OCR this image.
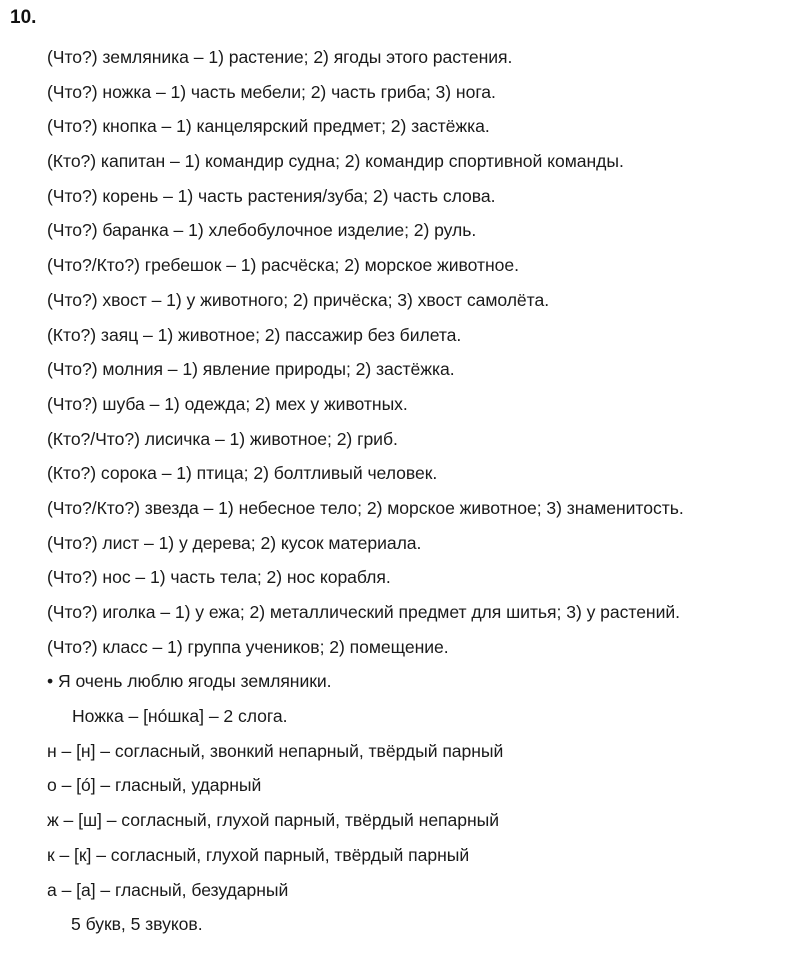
10.
(Что?) земляника – 1) растение; 2) ягоды этого растения.
(Что?) ножка – 1) часть мебели; 2) часть гриба; 3) нога.
(Что?) кнопка – 1) канцелярский предмет; 2) застёжка.
(Кто?) капитан – 1) командир судна; 2) командир спортивной команды.
(Что?) корень – 1) часть растения/зуба; 2) часть слова.
(Что?) баранка – 1) хлебобулочное изделие; 2) руль.
(Что?/Кто?) гребешок – 1) расчёска; 2) морское животное.
(Что?) хвост – 1) у животного; 2) причёска; 3) хвост самолёта.
(Кто?) заяц – 1) животное; 2) пассажир без билета.
(Что?) молния – 1) явление природы; 2) застёжка.
(Что?) шуба – 1) одежда; 2) мех у животных.
(Кто?/Что?) лисичка – 1) животное; 2) гриб.
(Кто?) сорока – 1) птица; 2) болтливый человек.
(Что?/Кто?) звезда – 1) небесное тело; 2) морское животное; 3) знаменитость.
(Что?) лист – 1) у дерева; 2) кусок материала.
(Что?) нос – 1) часть тела; 2) нос корабля.
(Что?) иголка – 1) у ежа; 2) металлический предмет для шитья; 3) у растений.
(Что?) класс – 1) группа учеников; 2) помещение.
• Я очень люблю ягоды земляники.
Ножка – [нóшка] – 2 слога.
н – [н] – согласный, звонкий непарный, твёрдый парный
о – [ó] – гласный, ударный
ж – [ш] – согласный, глухой парный, твёрдый непарный
к – [к] – согласный, глухой парный, твёрдый парный
а – [а] – гласный, безударный
5 букв, 5 звуков.
